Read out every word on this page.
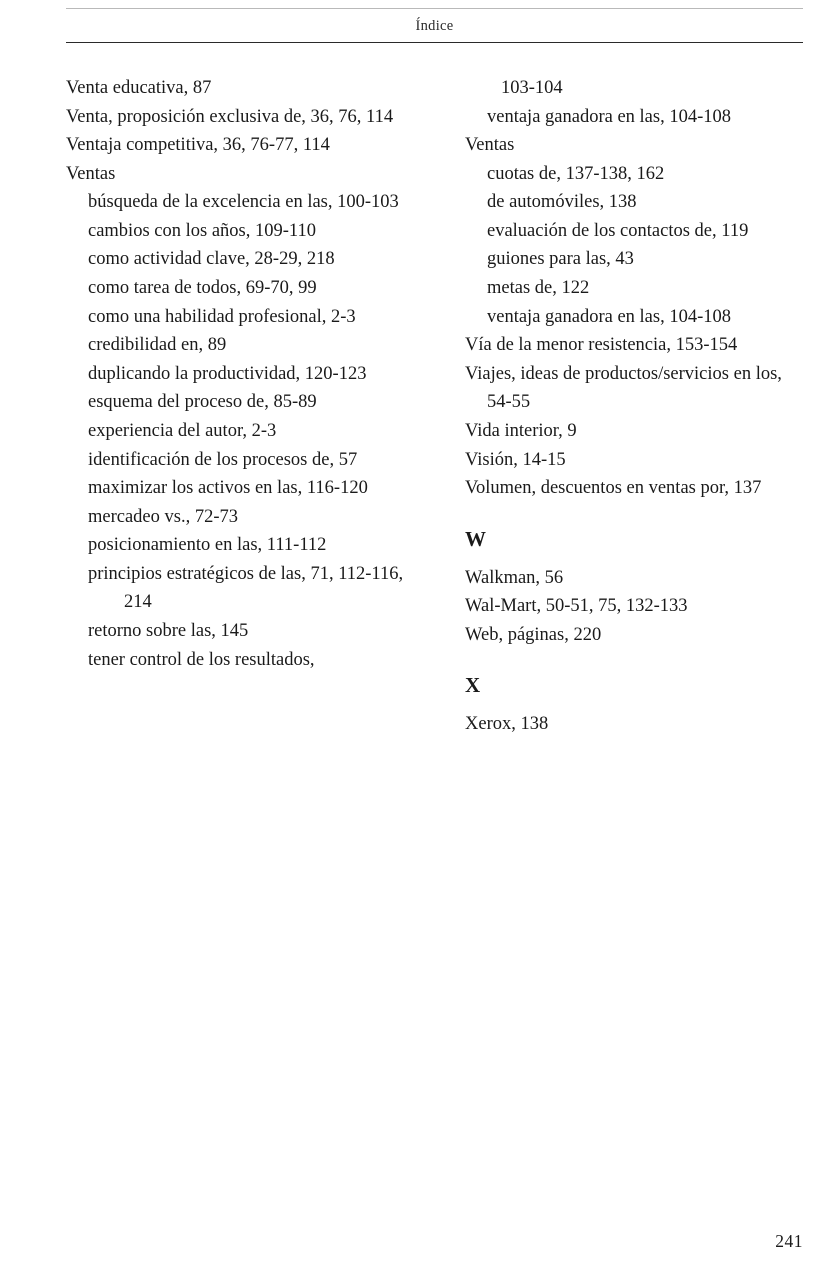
Índice
Venta educativa, 87
Venta, proposición exclusiva de, 36, 76, 114
Ventaja competitiva, 36, 76-77, 114
Ventas
búsqueda de la excelencia en las, 100-103
cambios con los años, 109-110
como actividad clave, 28-29, 218
como tarea de todos, 69-70, 99
como una habilidad profesional, 2-3
credibilidad en, 89
duplicando la productividad, 120-123
esquema del proceso de, 85-89
experiencia del autor, 2-3
identificación de los procesos de, 57
maximizar los activos en las, 116-120
mercadeo vs., 72-73
posicionamiento en las, 111-112
principios estratégicos de las, 71, 112-116, 214
retorno sobre las, 145
tener control de los resultados,
103-104
ventaja ganadora en las, 104-108
Ventas
cuotas de, 137-138, 162
de automóviles, 138
evaluación de los contactos de, 119
guiones para las, 43
metas de, 122
ventaja ganadora en las, 104-108
Vía de la menor resistencia, 153-154
Viajes, ideas de productos/servicios en los, 54-55
Vida interior, 9
Visión, 14-15
Volumen, descuentos en ventas por, 137
W
Walkman, 56
Wal-Mart, 50-51, 75, 132-133
Web, páginas, 220
X
Xerox, 138
241
